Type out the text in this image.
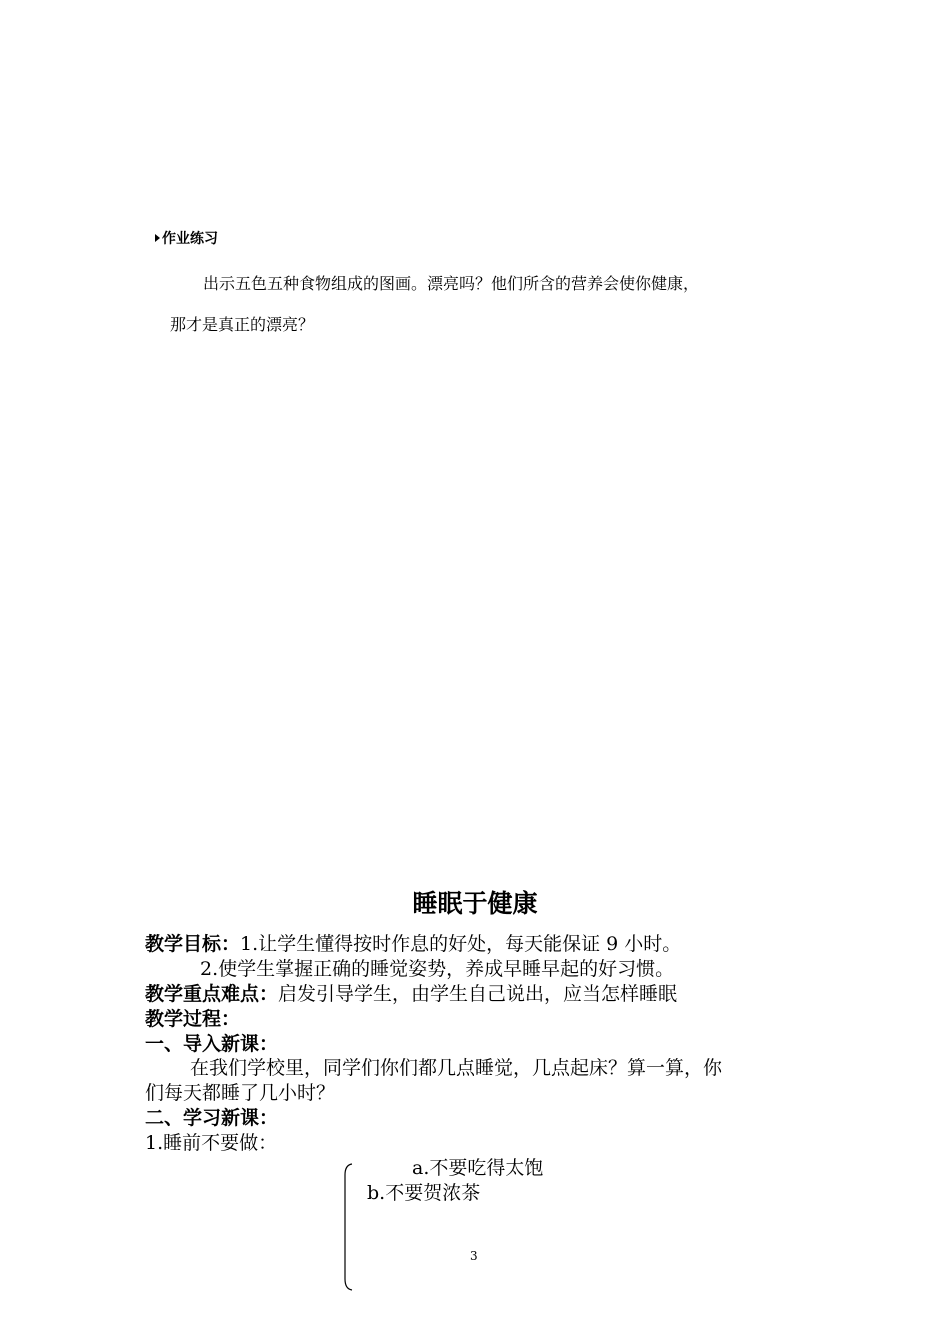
作业练习
出示五色五种食物组成的图画。漂亮吗？他们所含的营养会使你健康，
那才是真正的漂亮？
睡眠于健康
教学目标：1.让学生懂得按时作息的好处，每天能保证 9 小时。
2.使学生掌握正确的睡觉姿势，养成早睡早起的好习惯。
教学重点难点：启发引导学生，由学生自己说出，应当怎样睡眠
教学过程：
一、导入新课：
在我们学校里，同学们你们都几点睡觉，几点起床？算一算，你
们每天都睡了几小时？
二、学习新课：
1.睡前不要做：
a.不要吃得太饱
b.不要贺浓茶
3
